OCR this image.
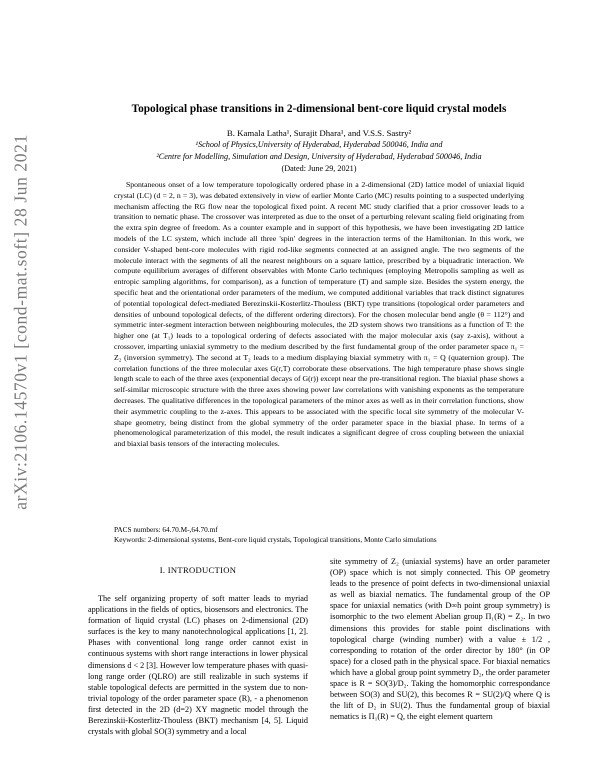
arXiv:2106.14570v1 [cond-mat.soft] 28 Jun 2021
Topological phase transitions in 2-dimensional bent-core liquid crystal models
B. Kamala Latha¹, Surajit Dhara¹, and V.S.S. Sastry²
¹School of Physics,University of Hyderabad, Hyderabad 500046, India and
²Centre for Modelling, Simulation and Design, University of Hyderabad, Hyderabad 500046, India
(Dated: June 29, 2021)

Spontaneous onset of a low temperature topologically ordered phase in a 2-dimensional (2D) lattice model of uniaxial liquid crystal (LC) (d = 2, n = 3), was debated extensively in view of earlier Monte Carlo (MC) results pointing to a suspected underlying mechanism affecting the RG flow near the topological fixed point. A recent MC study clarified that a prior crossover leads to a transition to nematic phase. The crossover was interpreted as due to the onset of a perturbing relevant scaling field originating from the extra spin degree of freedom. As a counter example and in support of this hypothesis, we have been investigating 2D lattice models of the LC system, which include all three 'spin' degrees in the interaction terms of the Hamiltonian. In this work, we consider V-shaped bent-core molecules with rigid rod-like segments connected at an assigned angle. The two segments of the molecule interact with the segments of all the nearest neighbours on a square lattice, prescribed by a biquadratic interaction. We compute equilibrium averages of different observables with Monte Carlo techniques (employing Metropolis sampling as well as entropic sampling algorithms, for comparison), as a function of temperature (T) and sample size. Besides the system energy, the specific heat and the orientational order parameters of the medium, we computed additional variables that track distinct signatures of potential topological defect-mediated Berezinskii-Kosterlitz-Thouless (BKT) type transitions (topological order parameters and densities of unbound topological defects, of the different ordering directors). For the chosen molecular bend angle (θ = 112°) and symmetric inter-segment interaction between neighbouring molecules, the 2D system shows two transitions as a function of T: the higher one (at T₁) leads to a topological ordering of defects associated with the major molecular axis (say z-axis), without a crossover, imparting uniaxial symmetry to the medium described by the first fundamental group of the order parameter space π₁ = Z₂ (inversion symmetry). The second at T₂ leads to a medium displaying biaxial symmetry with π₁ = Q (quaternion group). The correlation functions of the three molecular axes G(r,T) corroborate these observations. The high temperature phase shows single length scale to each of the three axes (exponential decays of G(r)) except near the pre-transitional region. The biaxial phase shows a self-similar microscopic structure with the three axes showing power law correlations with vanishing exponents as the temperature decreases. The qualitative differences in the topological parameters of the minor axes as well as in their correlation functions, show their asymmetric coupling to the z-axes. This appears to be associated with the specific local site symmetry of the molecular V-shape geometry, being distinct from the global symmetry of the order parameter space in the biaxial phase. In terms of a phenomenological parameterization of this model, the result indicates a significant degree of cross coupling between the uniaxial and biaxial basis tensors of the interacting molecules.

PACS numbers: 64.70.M-,64.70.mf
Keywords: 2-dimensional systems, Bent-core liquid crystals, Topological transitions, Monte Carlo simulations
I. INTRODUCTION

The self organizing property of soft matter leads to myriad applications in the fields of optics, biosensors and electronics. The formation of liquid crystal (LC) phases on 2-dimensional (2D) surfaces is the key to many nanotechnological applications [1, 2]. Phases with conventional long range order cannot exist in continuous systems with short range interactions in lower physical dimensions d < 2 [3]. However low temperature phases with quasi-long range order (QLRO) are still realizable in such systems if stable topological defects are permitted in the system due to non-trivial topology of the order parameter space (R), - a phenomenon first detected in the 2D (d=2) XY magnetic model through the Berezinskii-Kosterlitz-Thouless (BKT) mechanism [4, 5]. Liquid crystals with global SO(3) symmetry and a local

site symmetry of Z₂ (uniaxial systems) have an order parameter (OP) space which is not simply connected. This OP geometry leads to the presence of point defects in two-dimensional uniaxial as well as biaxial nematics. The fundamental group of the OP space for uniaxial nematics (with D∞h point group symmetry) is isomorphic to the two element Abelian group Π₁(R) = Z₂. In two dimensions this provides for stable point disclinations with topological charge (winding number) with a value ± 1/2 , corresponding to rotation of the order director by 180° (in OP space) for a closed path in the physical space. For biaxial nematics which have a global group point symmetry D₂, the order parameter space is R = SO(3)/D₂. Taking the homomorphic correspondance between SO(3) and SU(2), this becomes R = SU(2)/Q where Q is the lift of D₂ in SU(2). Thus the fundamental group of biaxial nematics is Π₁(R) = Q, the eight element quartern
